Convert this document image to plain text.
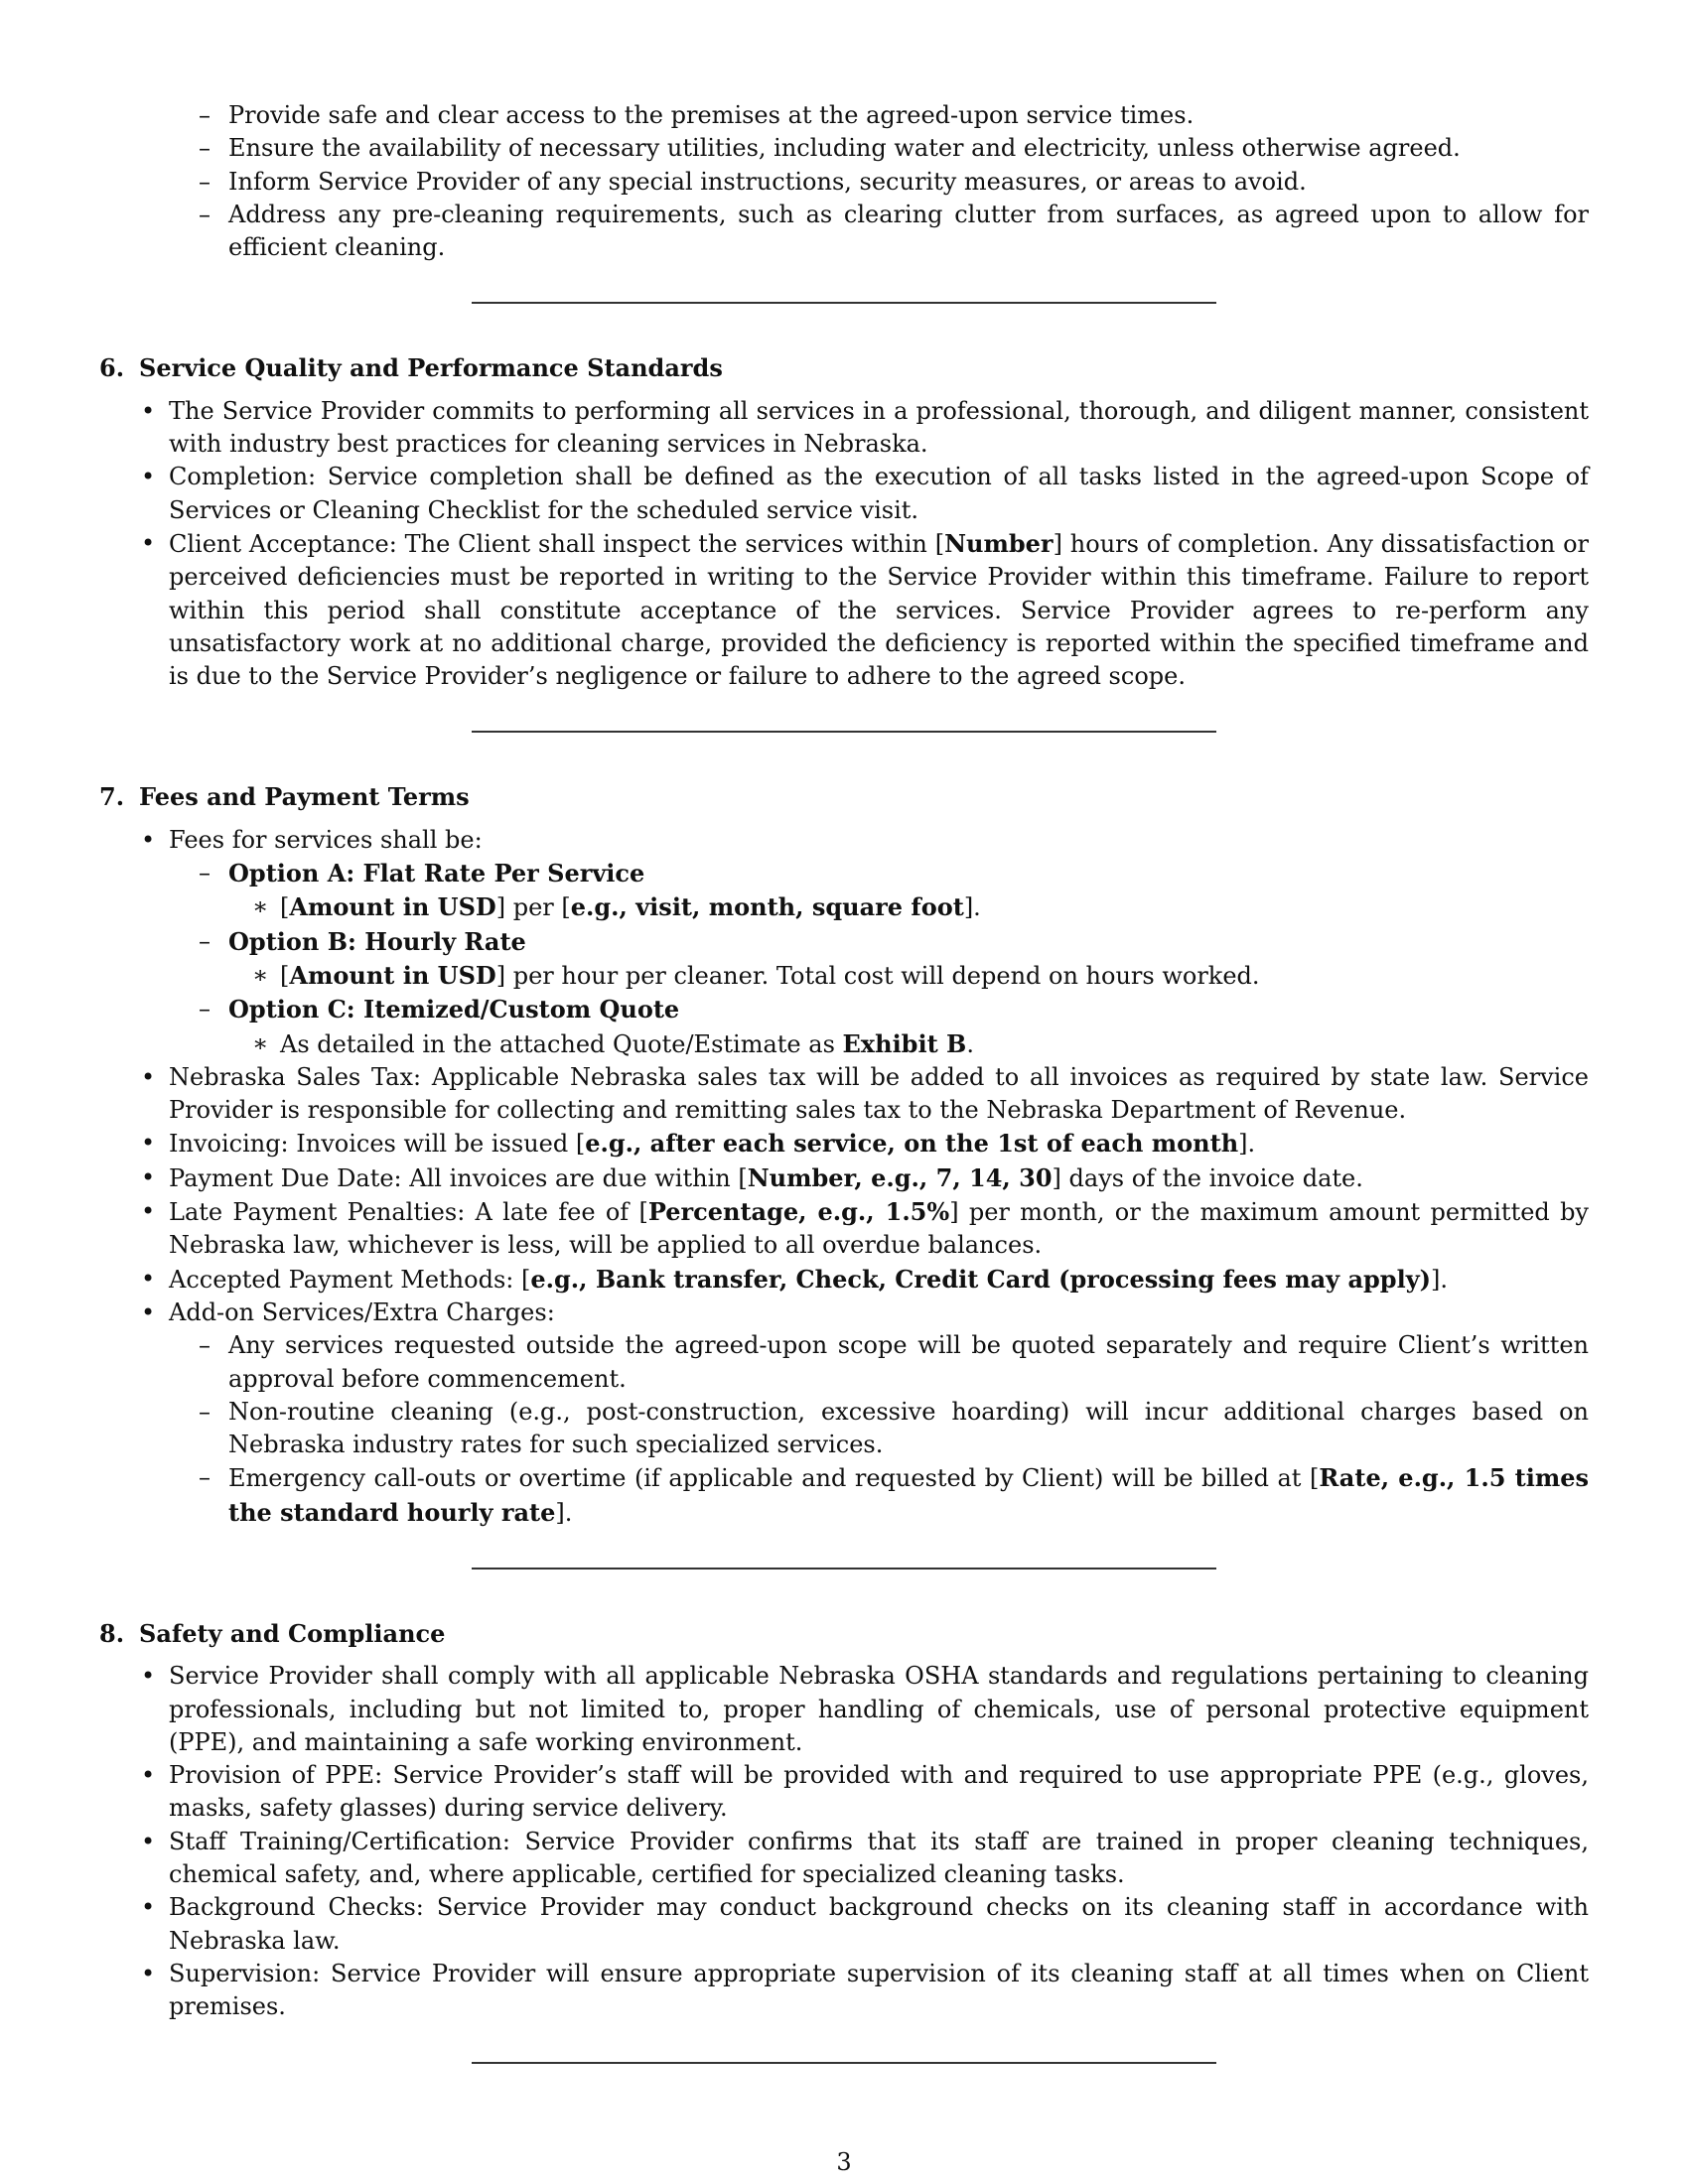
– Provide safe and clear access to the premises at the agreed-upon service times.
– Ensure the availability of necessary utilities, including water and electricity, unless otherwise agreed.
– Inform Service Provider of any special instructions, security measures, or areas to avoid.
– Address any pre-cleaning requirements, such as clearing clutter from surfaces, as agreed upon to allow for efficient cleaning.
6. Service Quality and Performance Standards
• The Service Provider commits to performing all services in a professional, thorough, and diligent manner, consistent with industry best practices for cleaning services in Nebraska.
• Completion: Service completion shall be defined as the execution of all tasks listed in the agreed-upon Scope of Services or Cleaning Checklist for the scheduled service visit.
• Client Acceptance: The Client shall inspect the services within [Number] hours of completion. Any dissatisfaction or perceived deficiencies must be reported in writing to the Service Provider within this timeframe. Failure to report within this period shall constitute acceptance of the services. Service Provider agrees to re-perform any unsatisfactory work at no additional charge, provided the deficiency is reported within the specified timeframe and is due to the Service Provider’s negligence or failure to adhere to the agreed scope.
7. Fees and Payment Terms
• Fees for services shall be:
– Option A: Flat Rate Per Service
∗ [Amount in USD] per [e.g., visit, month, square foot].
– Option B: Hourly Rate
∗ [Amount in USD] per hour per cleaner. Total cost will depend on hours worked.
– Option C: Itemized/Custom Quote
∗ As detailed in the attached Quote/Estimate as Exhibit B.
• Nebraska Sales Tax: Applicable Nebraska sales tax will be added to all invoices as required by state law. Service Provider is responsible for collecting and remitting sales tax to the Nebraska Department of Revenue.
• Invoicing: Invoices will be issued [e.g., after each service, on the 1st of each month].
• Payment Due Date: All invoices are due within [Number, e.g., 7, 14, 30] days of the invoice date.
• Late Payment Penalties: A late fee of [Percentage, e.g., 1.5%] per month, or the maximum amount permitted by Nebraska law, whichever is less, will be applied to all overdue balances.
• Accepted Payment Methods: [e.g., Bank transfer, Check, Credit Card (processing fees may apply)].
• Add-on Services/Extra Charges:
– Any services requested outside the agreed-upon scope will be quoted separately and require Client’s written approval before commencement.
– Non-routine cleaning (e.g., post-construction, excessive hoarding) will incur additional charges based on Nebraska industry rates for such specialized services.
– Emergency call-outs or overtime (if applicable and requested by Client) will be billed at [Rate, e.g., 1.5 times the standard hourly rate].
8. Safety and Compliance
• Service Provider shall comply with all applicable Nebraska OSHA standards and regulations pertaining to cleaning professionals, including but not limited to, proper handling of chemicals, use of personal protective equipment (PPE), and maintaining a safe working environment.
• Provision of PPE: Service Provider’s staff will be provided with and required to use appropriate PPE (e.g., gloves, masks, safety glasses) during service delivery.
• Staff Training/Certification: Service Provider confirms that its staff are trained in proper cleaning techniques, chemical safety, and, where applicable, certified for specialized cleaning tasks.
• Background Checks: Service Provider may conduct background checks on its cleaning staff in accordance with Nebraska law.
• Supervision: Service Provider will ensure appropriate supervision of its cleaning staff at all times when on Client premises.
3
